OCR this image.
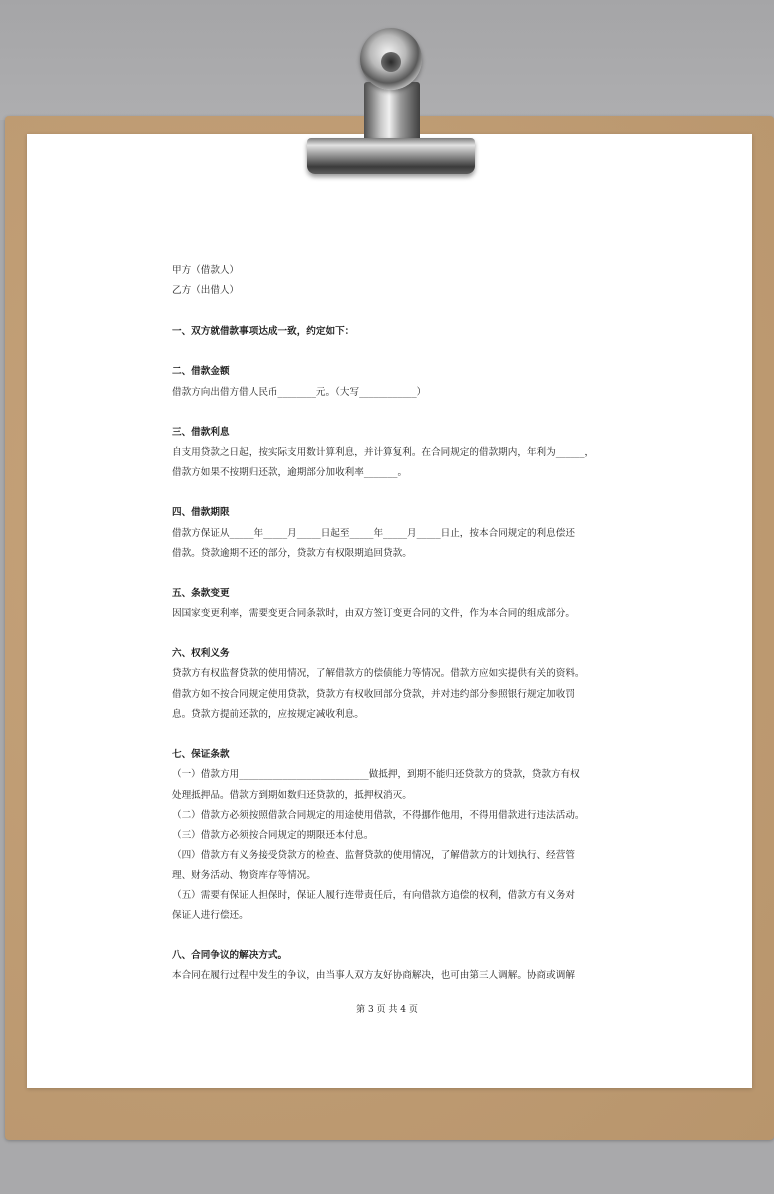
甲方（借款人）
乙方（出借人）
一、双方就借款事项达成一致，约定如下：
二、借款金额
借款方向出借方借人民币________元。（大写____________）
三、借款利息
自支用贷款之日起，按实际支用数计算利息，并计算复利。在合同规定的借款期内，年利为______，
借款方如果不按期归还款，逾期部分加收利率_______。
四、借款期限
借款方保证从_____年_____月_____日起至_____年_____月_____日止，按本合同规定的利息偿还
借款。贷款逾期不还的部分，贷款方有权限期追回贷款。
五、条款变更
因国家变更利率，需要变更合同条款时，由双方签订变更合同的文件，作为本合同的组成部分。
六、权利义务
贷款方有权监督贷款的使用情况，了解借款方的偿债能力等情况。借款方应如实提供有关的资料。
借款方如不按合同规定使用贷款，贷款方有权收回部分贷款，并对违约部分参照银行规定加收罚
息。贷款方提前还款的，应按规定减收利息。
七、保证条款
（一）借款方用___________________________做抵押，到期不能归还贷款方的贷款，贷款方有权
处理抵押品。借款方到期如数归还贷款的，抵押权消灭。
（二）借款方必须按照借款合同规定的用途使用借款，不得挪作他用，不得用借款进行违法活动。
（三）借款方必须按合同规定的期限还本付息。
（四）借款方有义务接受贷款方的检查、监督贷款的使用情况，了解借款方的计划执行、经营管
理、财务活动、物资库存等情况。
（五）需要有保证人担保时，保证人履行连带责任后，有向借款方追偿的权利，借款方有义务对
保证人进行偿还。
八、合同争议的解决方式。
本合同在履行过程中发生的争议，由当事人双方友好协商解决，也可由第三人调解。协商或调解
第 3 页 共 4 页
